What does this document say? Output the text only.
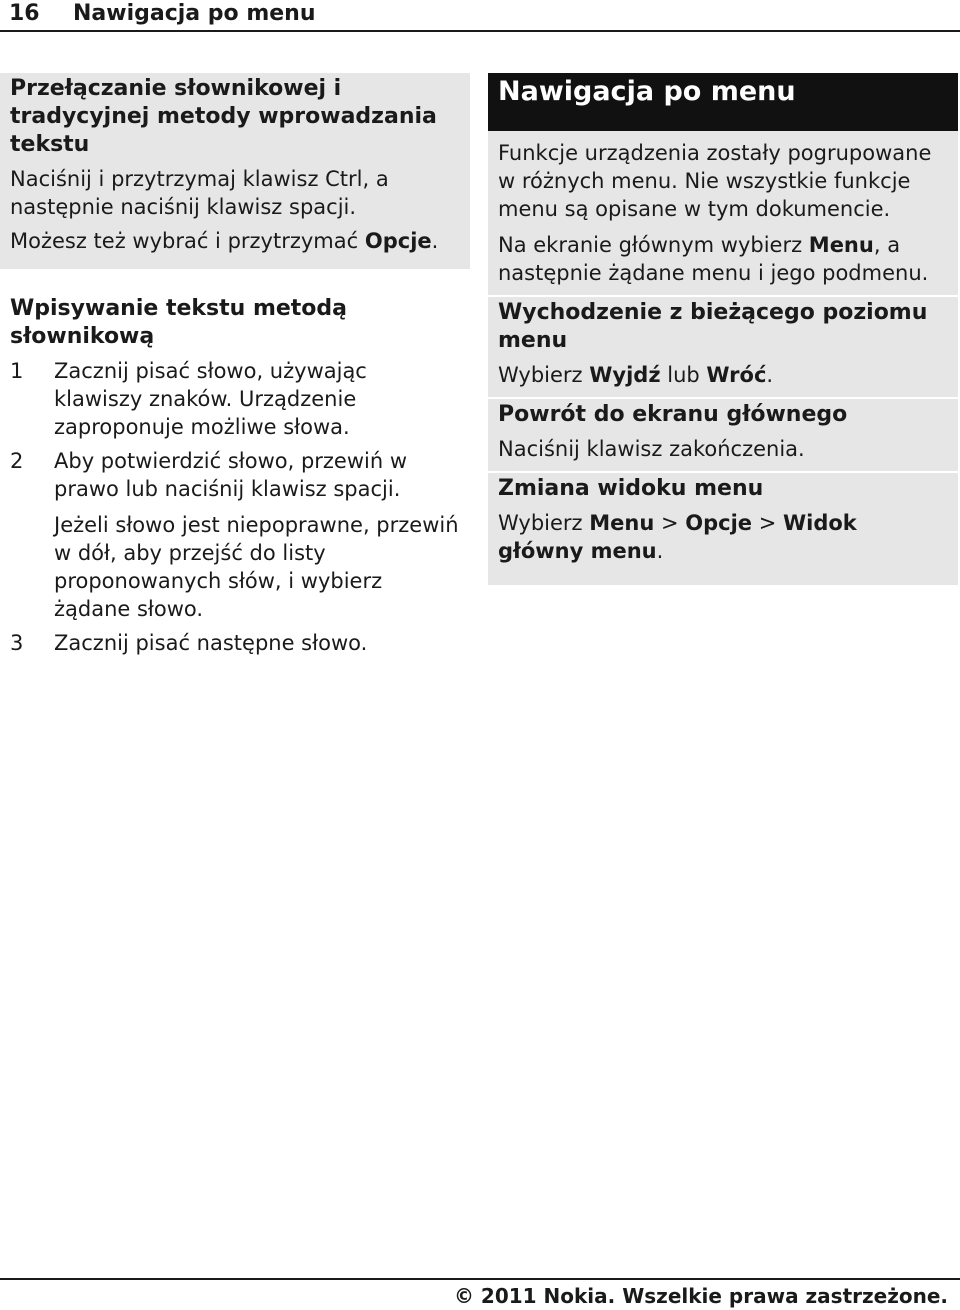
16 Nawigacja po menu

Przełączanie słownikowej i tradycyjnej metody wprowadzania tekstu

Naciśnij i przytrzymaj klawisz Ctrl, a następnie naciśnij klawisz spacji.

Możesz też wybrać i przytrzymać Opcje.

Wpisywanie tekstu metodą słownikową

1	Zacznij pisać słowo, używając klawiszy znaków. Urządzenie zaproponuje możliwe słowa.
2	Aby potwierdzić słowo, przewiń w prawo lub naciśnij klawisz spacji.

Jeżeli słowo jest niepoprawne, przewiń w dół, aby przejść do listy proponowanych słów, i wybierz żądane słowo.

3	Zacznij pisać następne słowo.
Nawigacja po menu

Funkcje urządzenia zostały pogrupowane w różnych menu. Nie wszystkie funkcje menu są opisane w tym dokumencie.

Na ekranie głównym wybierz Menu, a następnie żądane menu i jego podmenu.

Wychodzenie z bieżącego poziomu menu

Wybierz Wyjdź lub Wróć.

Powrót do ekranu głównego

Naciśnij klawisz zakończenia.

Zmiana widoku menu

Wybierz Menu > Opcje > Widok główny menu.

© 2011 Nokia. Wszelkie prawa zastrzeżone.
